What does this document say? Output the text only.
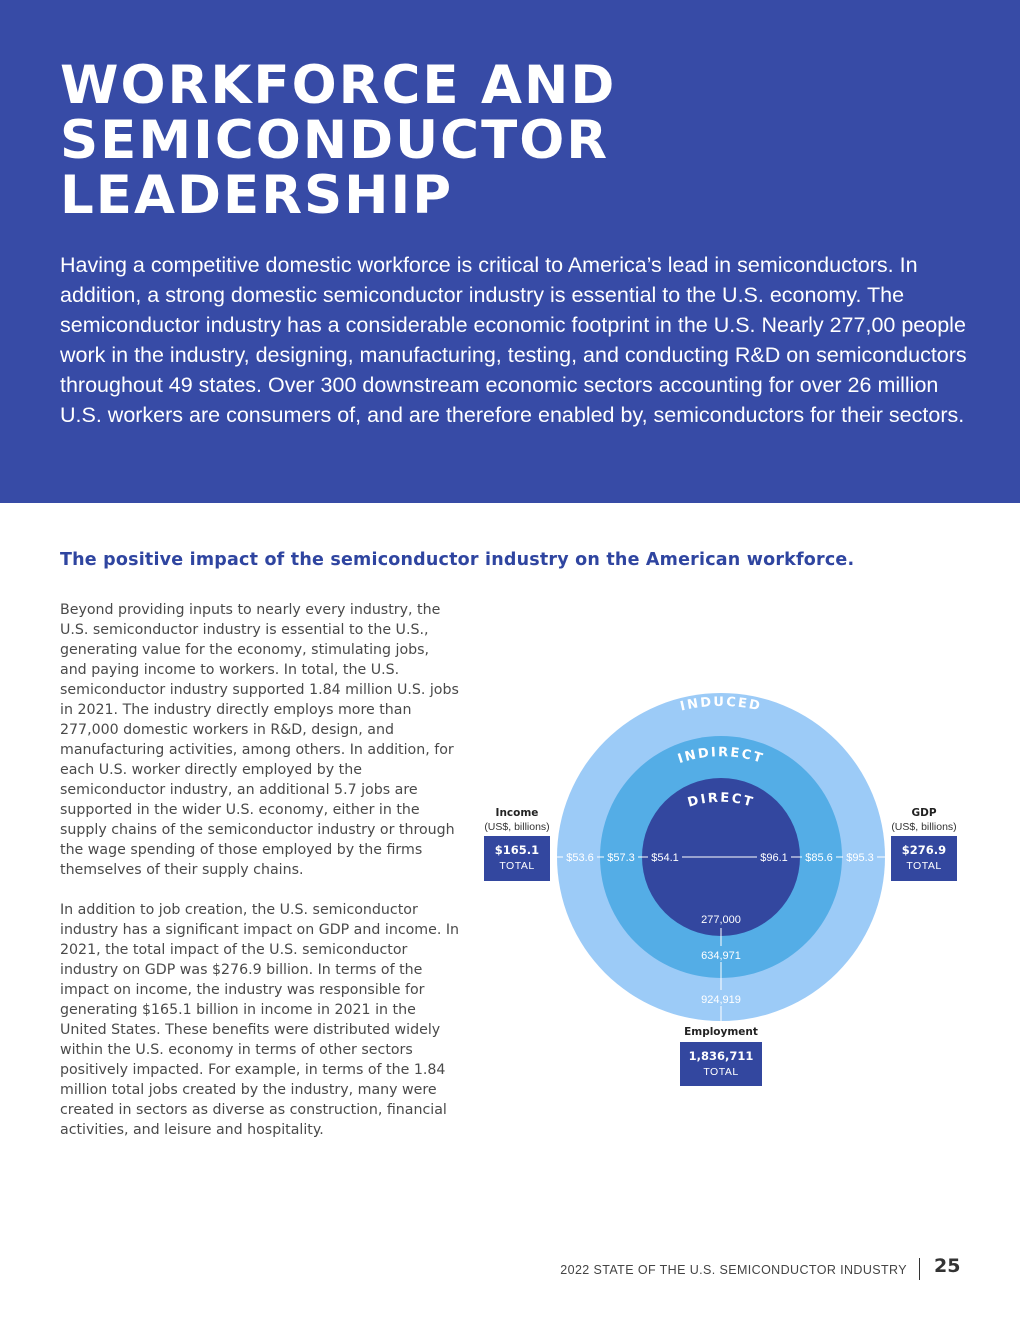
WORKFORCE AND
SEMICONDUCTOR
LEADERSHIP

Having a competitive domestic workforce is critical to America’s lead in semiconductors. In addition, a strong domestic semiconductor industry is essential to the U.S. economy. The semiconductor industry has a considerable economic footprint in the U.S. Nearly 277,00 people work in the industry, designing, manufacturing, testing, and conducting R&D on semiconductors throughout 49 states. Over 300 downstream economic sectors accounting for over 26 million U.S. workers are consumers of, and are therefore enabled by, semiconductors for their sectors.

The positive impact of the semiconductor industry on the American workforce.

Beyond providing inputs to nearly every industry, the U.S. semiconductor industry is essential to the U.S., generating value for the economy, stimulating jobs, and paying income to workers. In total, the U.S. semiconductor industry supported 1.84 million U.S. jobs in 2021. The industry directly employs more than 277,000 domestic workers in R&D, design, and manufacturing activities, among others. In addition, for each U.S. worker directly employed by the semiconductor industry, an additional 5.7 jobs are supported in the wider U.S. economy, either in the supply chains of the semiconductor industry or through the wage spending of those employed by the firms themselves of their supply chains.

In addition to job creation, the U.S. semiconductor industry has a significant impact on GDP and income. In 2021, the total impact of the U.S. semiconductor industry on GDP was $276.9 billion. In terms of the impact on income, the industry was responsible for generating $165.1 billion in income in 2021 in the United States. These benefits were distributed widely within the U.S. economy in terms of other sectors positively impacted. For example, in terms of the 1.84 million total jobs created by the industry, many were created in sectors as diverse as construction, financial activities, and leisure and hospitality.

INDUCED
INDIRECT
DIRECT
$53.6 $57.3 $54.1	$96.1 $85.6 $95.3
277,000
634,971
924,919
Income
(US$, billions)
$165.1
TOTAL
GDP
(US$, billions)
$276.9
TOTAL
Employment
1,836,711
TOTAL
2022 STATE OF THE U.S. SEMICONDUCTOR INDUSTRY 25
